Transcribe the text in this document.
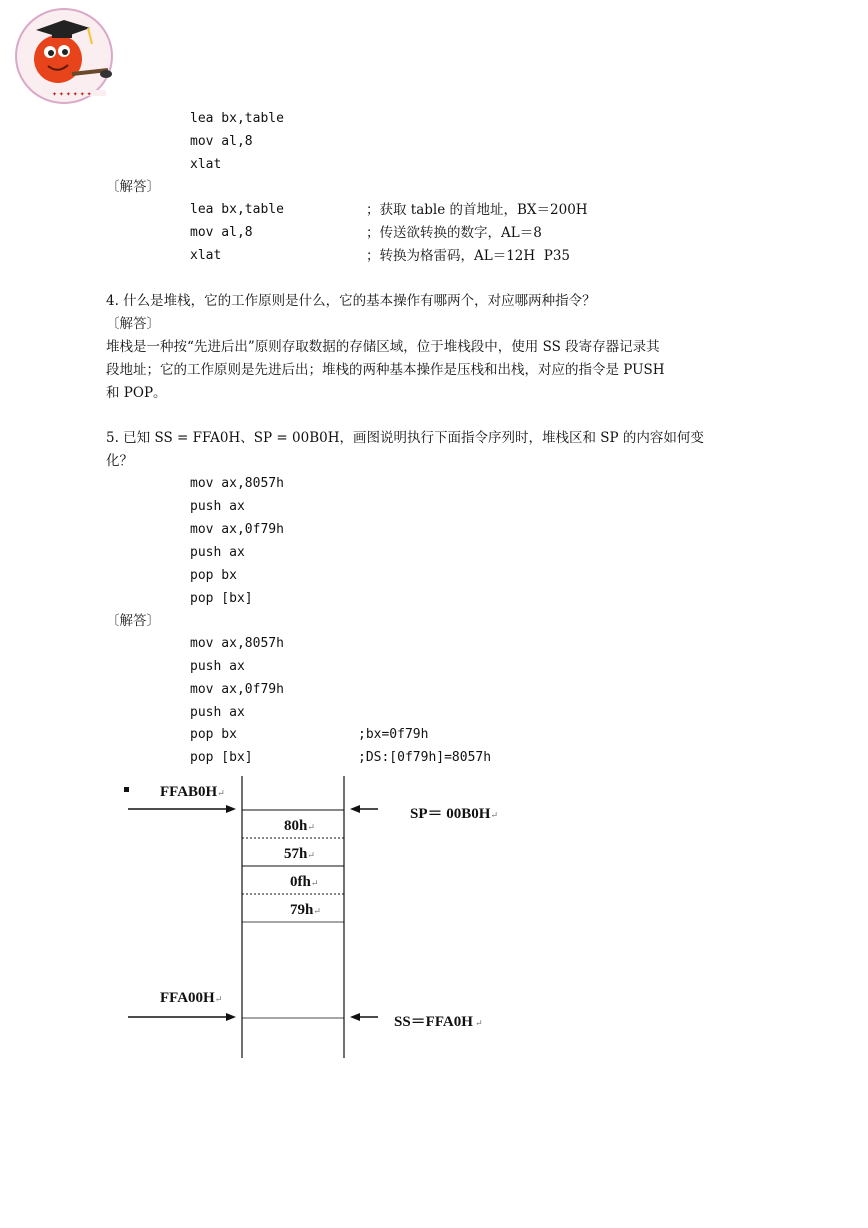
✦ ✦ ✦ ✦ ✦ ✦
lea bx,table
mov al,8
xlat
〔解答〕
lea bx,table	；获取 table 的首地址，BX＝200H
mov al,8	；传送欲转换的数字，AL＝8
xlat	；转换为格雷码，AL＝12H  P35
4. 什么是堆栈，它的工作原则是什么，它的基本操作有哪两个，对应哪两种指令？
〔解答〕
堆栈是一种按“先进后出”原则存取数据的存储区域，位于堆栈段中，使用 SS 段寄存器记录其
段地址；它的工作原则是先进后出；堆栈的两种基本操作是压栈和出栈，对应的指令是 PUSH
和 POP。
5. 已知 SS = FFA0H、SP = 00B0H，画图说明执行下面指令序列时，堆栈区和 SP 的内容如何变
化？
mov ax,8057h
push ax
mov ax,0f79h
push ax
pop bx
pop [bx]
〔解答〕
mov ax,8057h
push ax
mov ax,0f79h
push ax
pop bx	;bx=0f79h
pop [bx]	;DS:[0f79h]=8057h
FFAB0H↵
SP＝ 00B0H↵
80h↵
57h↵
0fh↵
79h↵
FFA00H↵
SS＝FFA0H ↵
